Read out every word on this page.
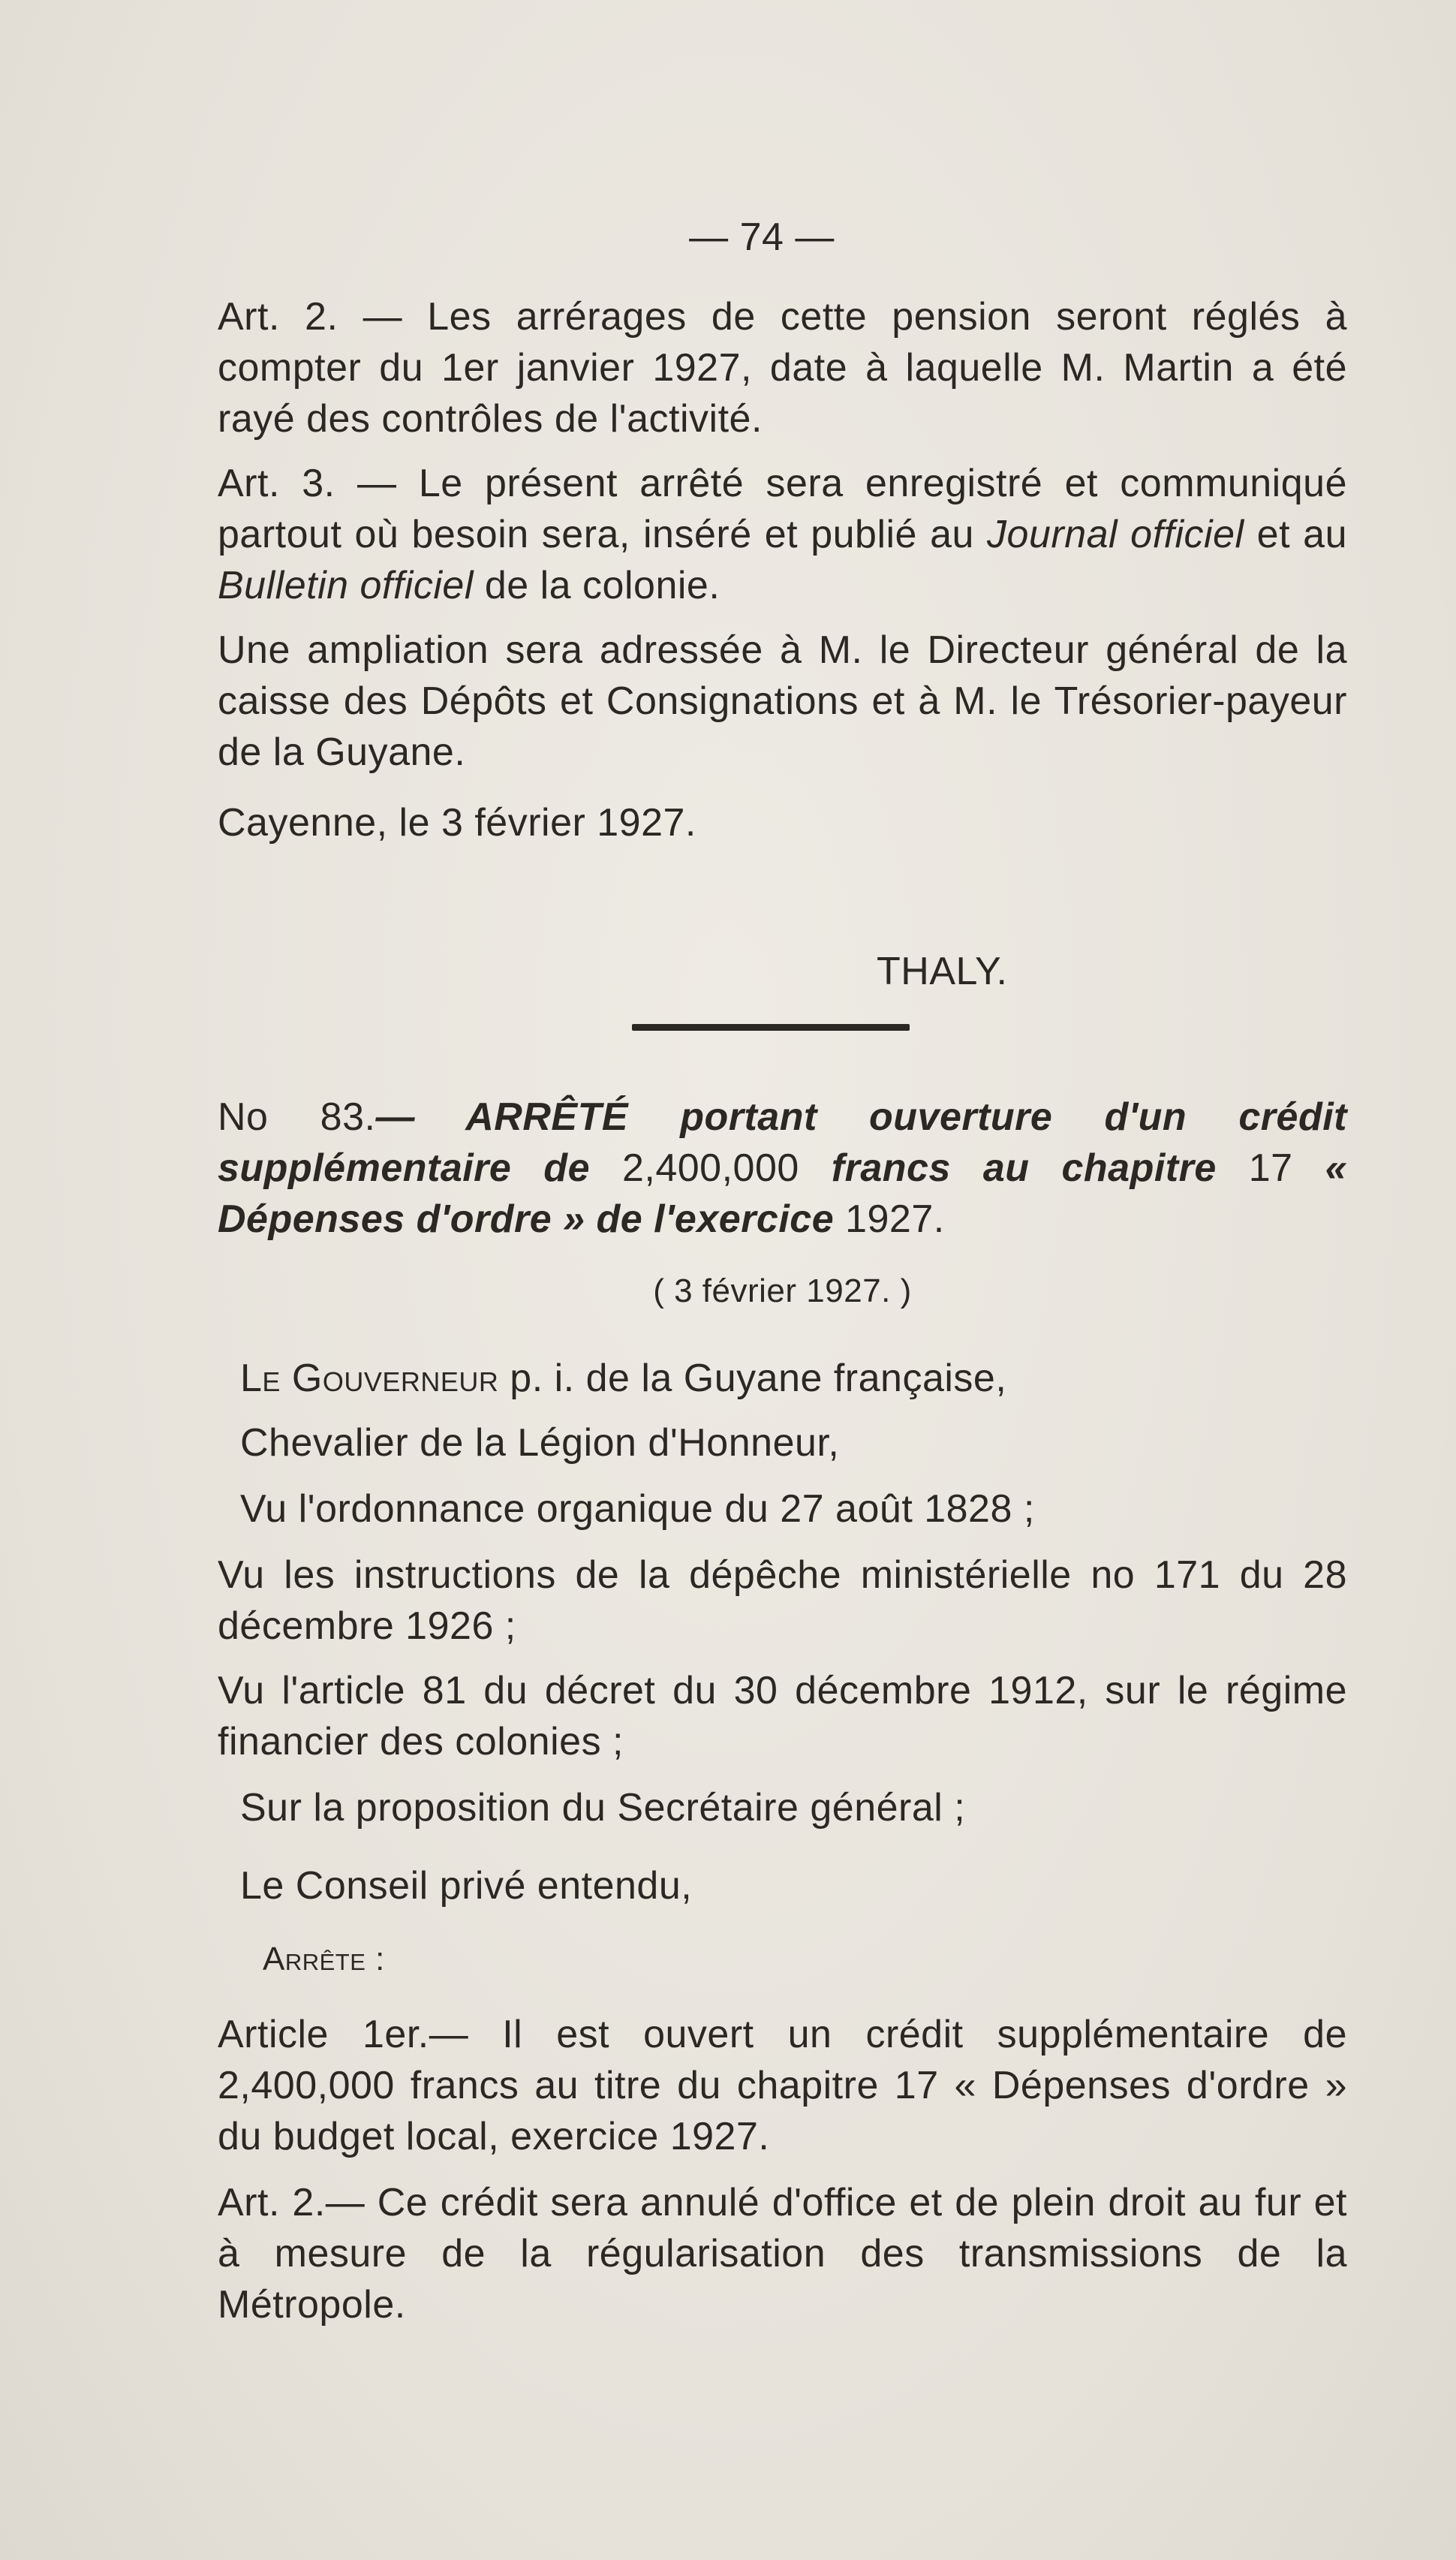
— 74 —

Art. 2. — Les arrérages de cette pension seront réglés à compter du 1er janvier 1927, date à laquelle M. Martin a été rayé des contrôles de l'activité.

Art. 3. — Le présent arrêté sera enregistré et communiqué partout où besoin sera, inséré et publié au Journal officiel et au Bulletin officiel de la colonie.

Une ampliation sera adressée à M. le Directeur général de la caisse des Dépôts et Consignations et à M. le Trésorier-payeur de la Guyane.

Cayenne, le 3 février 1927.

THALY.

No 83.— ARRÊTÉ portant ouverture d'un crédit supplémentaire de 2,400,000 francs au chapitre 17 « Dépenses d'ordre » de l'exercice 1927.

( 3 février 1927. )

Le Gouverneur p. i. de la Guyane française,

Chevalier de la Légion d'Honneur,

Vu l'ordonnance organique du 27 août 1828 ;

Vu les instructions de la dépêche ministérielle no 171 du 28 décembre 1926 ;

Vu l'article 81 du décret du 30 décembre 1912, sur le régime financier des colonies ;

Sur la proposition du Secrétaire général ;

Le Conseil privé entendu,

Arrête :

Article 1er.— Il est ouvert un crédit supplémentaire de 2,400,000 francs au titre du chapitre 17 « Dépenses d'ordre » du budget local, exercice 1927.

Art. 2.— Ce crédit sera annulé d'office et de plein droit au fur et à mesure de la régularisation des transmissions de la Métropole.
